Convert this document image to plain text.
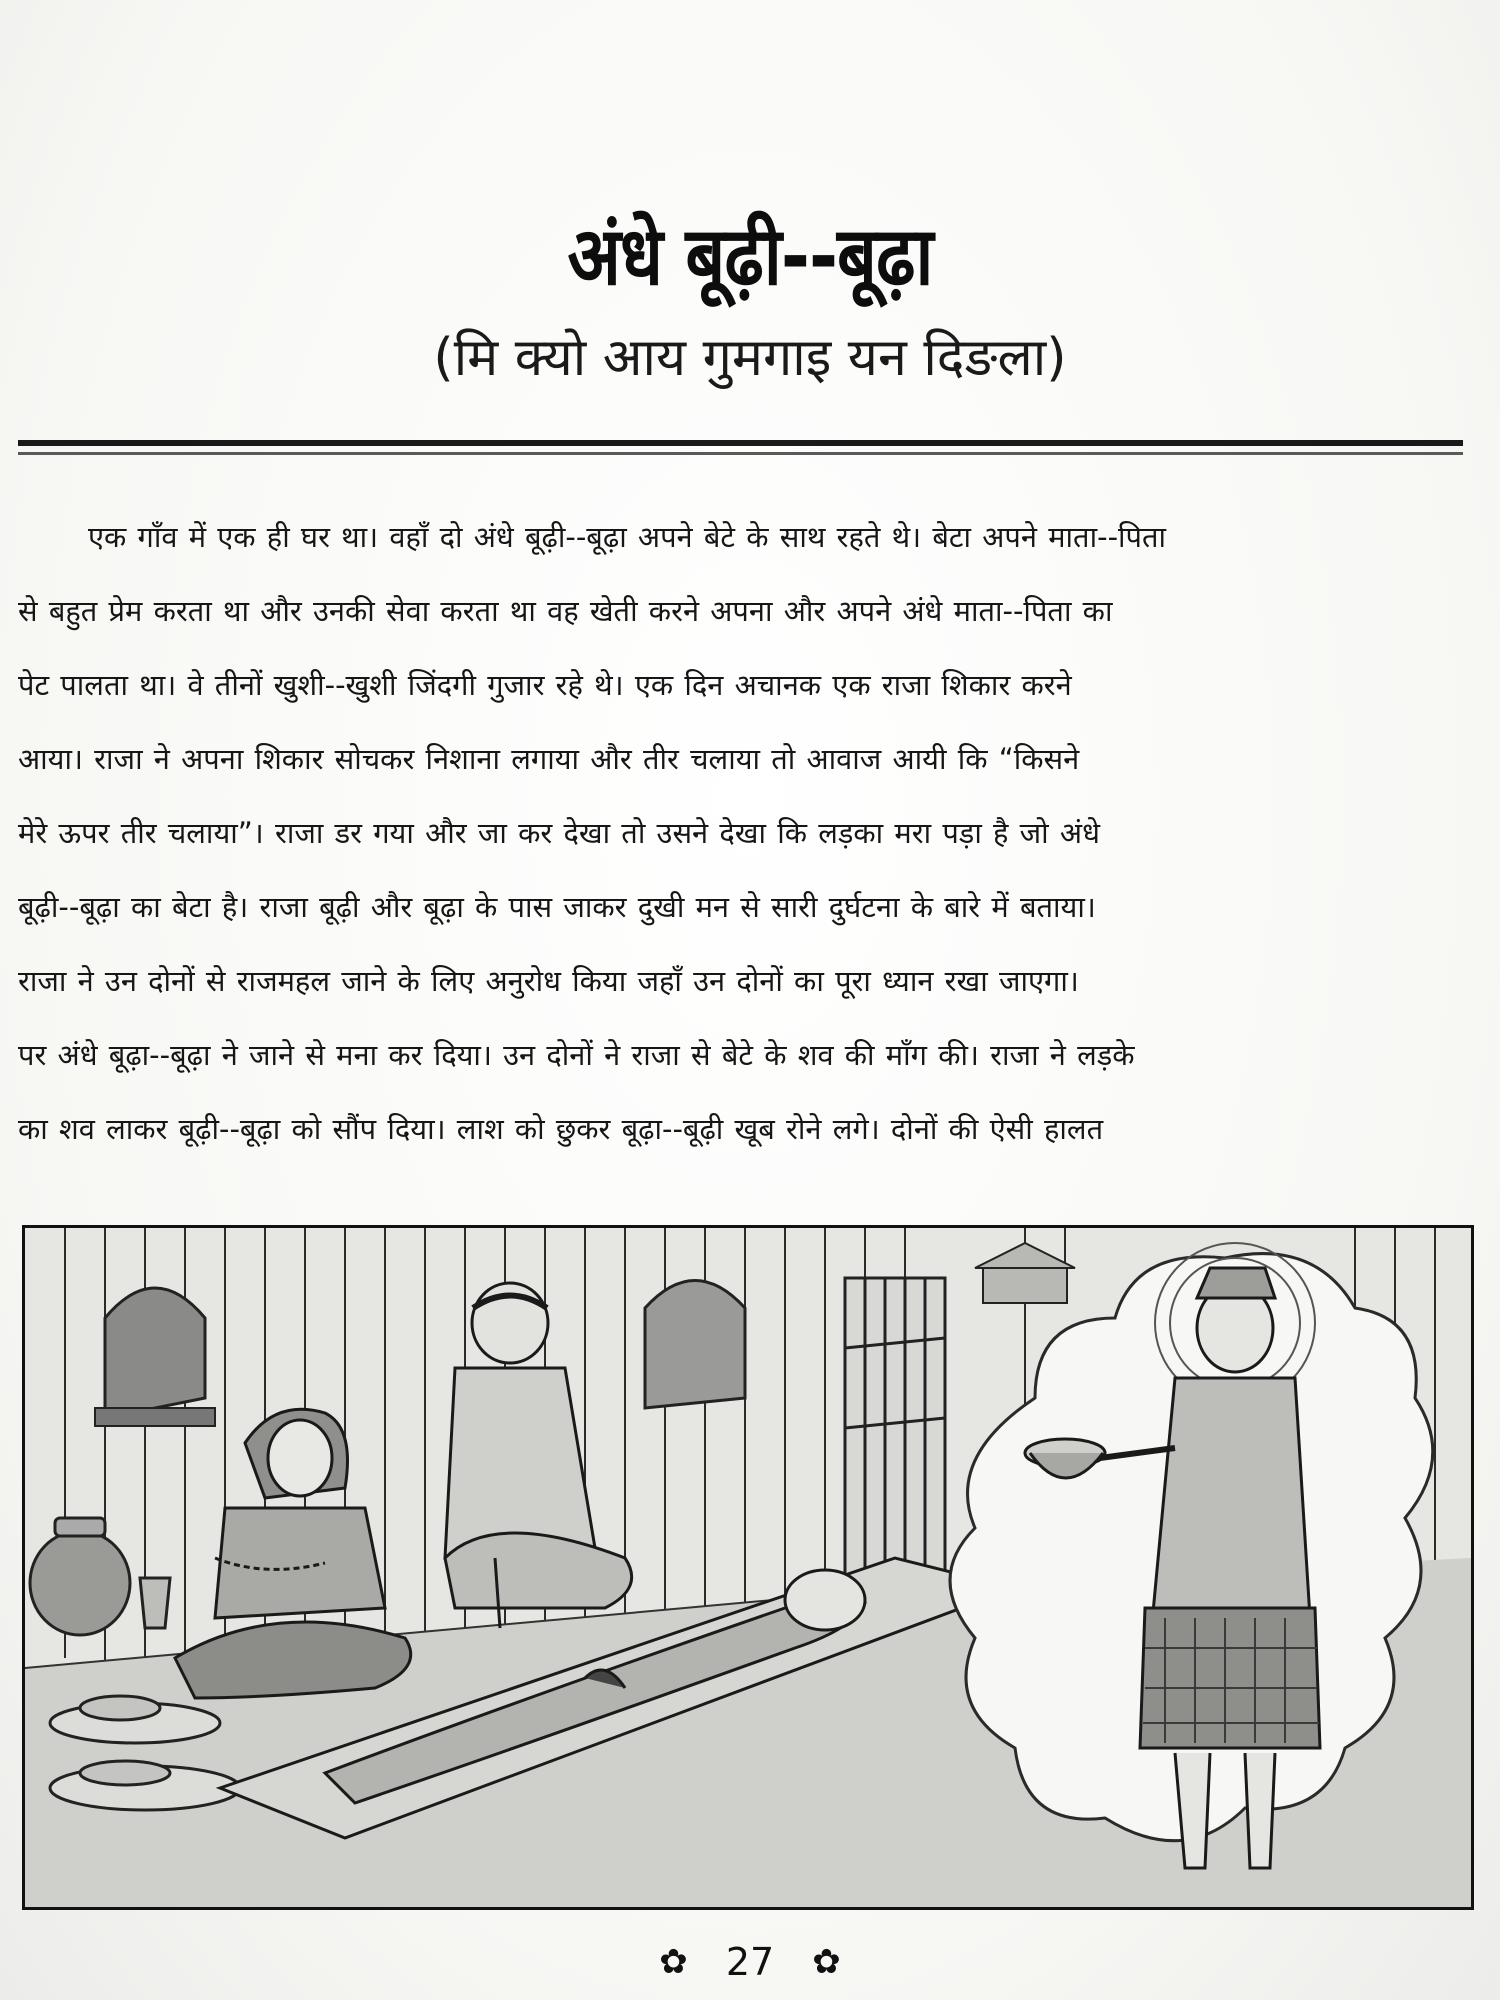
अंधे बूढ़ी--बूढ़ा
(मि क्यो आय गुमगाइ यन दिङला)
एक गाँव में एक ही घर था। वहाँ दो अंधे बूढ़ी--बूढ़ा अपने बेटे के साथ रहते थे। बेटा अपने माता--पिता
से बहुत प्रेम करता था और उनकी सेवा करता था वह खेती करने अपना और अपने अंधे माता--पिता का
पेट पालता था। वे तीनों खुशी--खुशी जिंदगी गुजार रहे थे। एक दिन अचानक एक राजा शिकार करने
आया। राजा ने अपना शिकार सोचकर निशाना लगाया और तीर चलाया तो आवाज आयी कि “किसने
मेरे ऊपर तीर चलाया”। राजा डर गया और जा कर देखा तो उसने देखा कि लड़का मरा पड़ा है जो अंधे
बूढ़ी--बूढ़ा का बेटा है। राजा बूढ़ी और बूढ़ा के पास जाकर दुखी मन से सारी दुर्घटना के बारे में बताया।
राजा ने उन दोनों से राजमहल जाने के लिए अनुरोध किया जहाँ उन दोनों का पूरा ध्यान रखा जाएगा।
पर अंधे बूढ़ा--बूढ़ा ने जाने से मना कर दिया। उन दोनों ने राजा से बेटे के शव की माँग की। राजा ने लड़के
का शव लाकर बूढ़ी--बूढ़ा को सौंप दिया। लाश को छुकर बूढ़ा--बूढ़ी खूब रोने लगे। दोनों की ऐसी हालत
✿ 27 ✿
